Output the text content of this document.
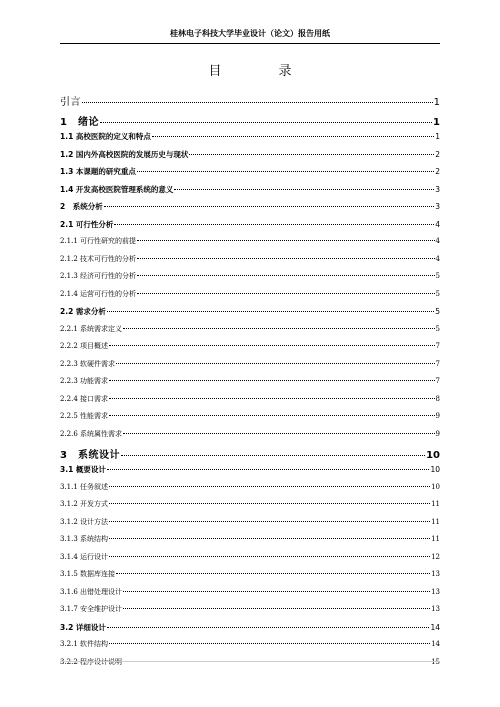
桂林电子科技大学毕业设计（论文）报告用纸
目　录
引言	1
1　绪论	1
1.1 高校医院的定义和特点	1
1.2 国内外高校医院的发展历史与现状	2
1.3 本课题的研究重点	2
1.4 开发高校医院管理系统的意义	3
2　系统分析	3
2.1 可行性分析	4
2.1.1 可行性研究的前提	4
2.1.2 技术可行性的分析	4
2.1.3 经济可行性的分析	5
2.1.4 运营可行性的分析	5
2.2 需求分析	5
2.2.1 系统需求定义	5
2.2.2 项目概述	7
2.2.3 软硬件需求	7
2.2.3 功能需求	7
2.2.4 接口需求	8
2.2.5 性能需求	9
2.2.6 系统属性需求	9
3　系统设计	10
3.1 概要设计	10
3.1.1 任务叙述	10
3.1.2 开发方式	11
3.1.2 设计方法	11
3.1.3 系统结构	11
3.1.4 运行设计	12
3.1.5 数据库连接	13
3.1.6 出错处理设计	13
3.1.7 安全维护设计	13
3.2 详细设计	14
3.2.1 软件结构	14
3.2.2 程序设计说明	15
